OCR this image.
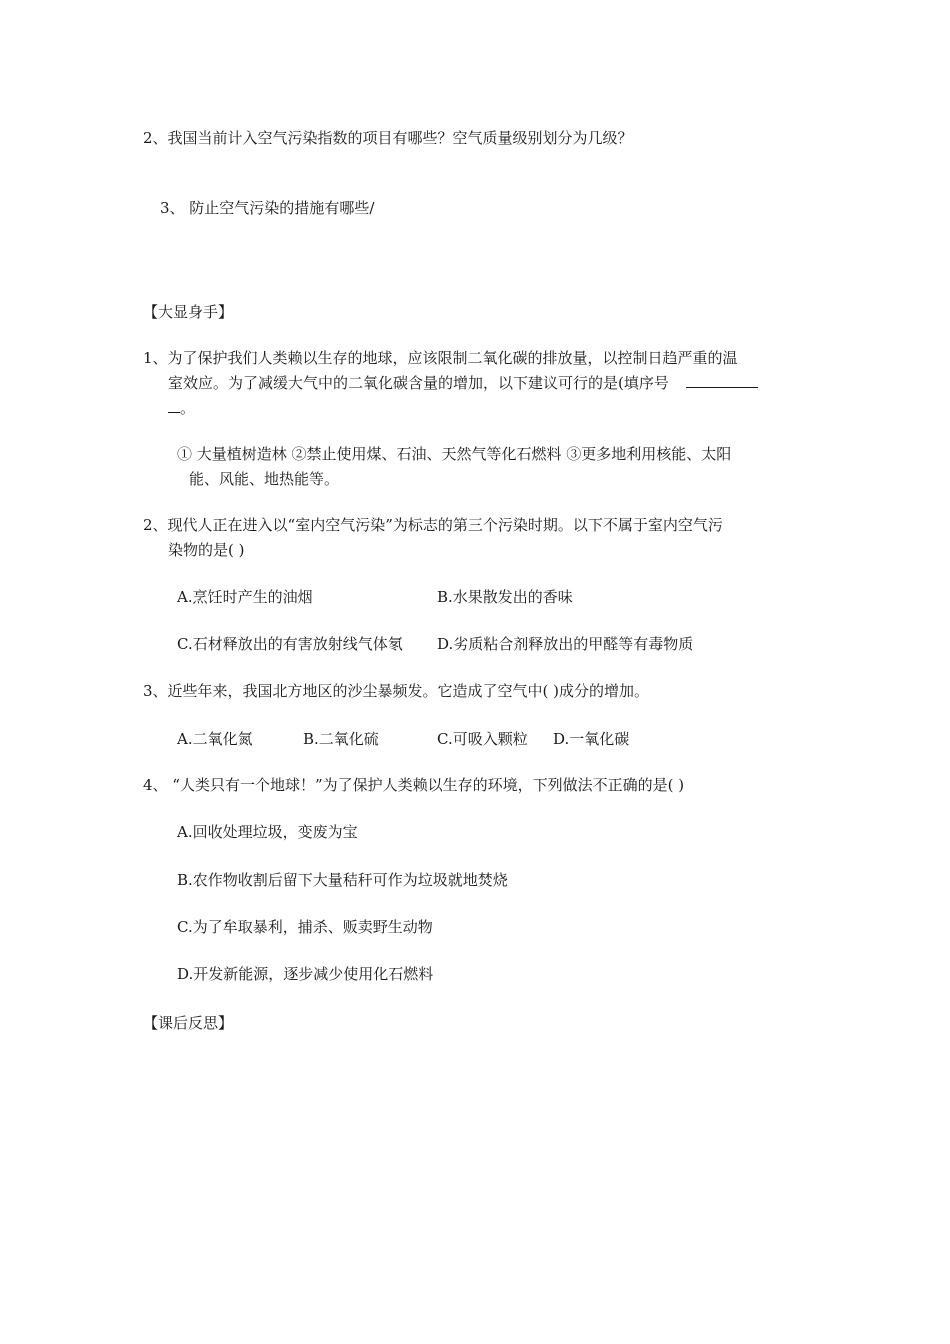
2、我国当前计入空气污染指数的项目有哪些？空气质量级别划分为几级？

3、 防止空气污染的措施有哪些/

【大显身手】

1、为了保护我们人类赖以生存的地球，应该限制二氧化碳的排放量，以控制日趋严重的温

室效应。为了减缓大气中的二氧化碳含量的增加，以下建议可行的是(填序号

。

① 大量植树造林 ②禁止使用煤、石油、天然气等化石燃料 ③更多地利用核能、太阳

能、风能、地热能等。

2、现代人正在进入以“室内空气污染”为标志的第三个污染时期。以下不属于室内空气污

染物的是( )

A.烹饪时产生的油烟	B.水果散发出的香味

C.石材释放出的有害放射线气体氡 D.劣质粘合剂释放出的甲醛等有毒物质

3、近些年来，我国北方地区的沙尘暴频发。它造成了空气中( )成分的增加。

A.二氧化氮	B.二氧化硫	C.可吸入颗粒 D.一氧化碳

4、 “人类只有一个地球！”为了保护人类赖以生存的环境，下列做法不正确的是( )

A.回收处理垃圾，变废为宝

B.农作物收割后留下大量秸秆可作为垃圾就地焚烧

C.为了牟取暴利，捕杀、贩卖野生动物

D.开发新能源，逐步减少使用化石燃料

【课后反思】
